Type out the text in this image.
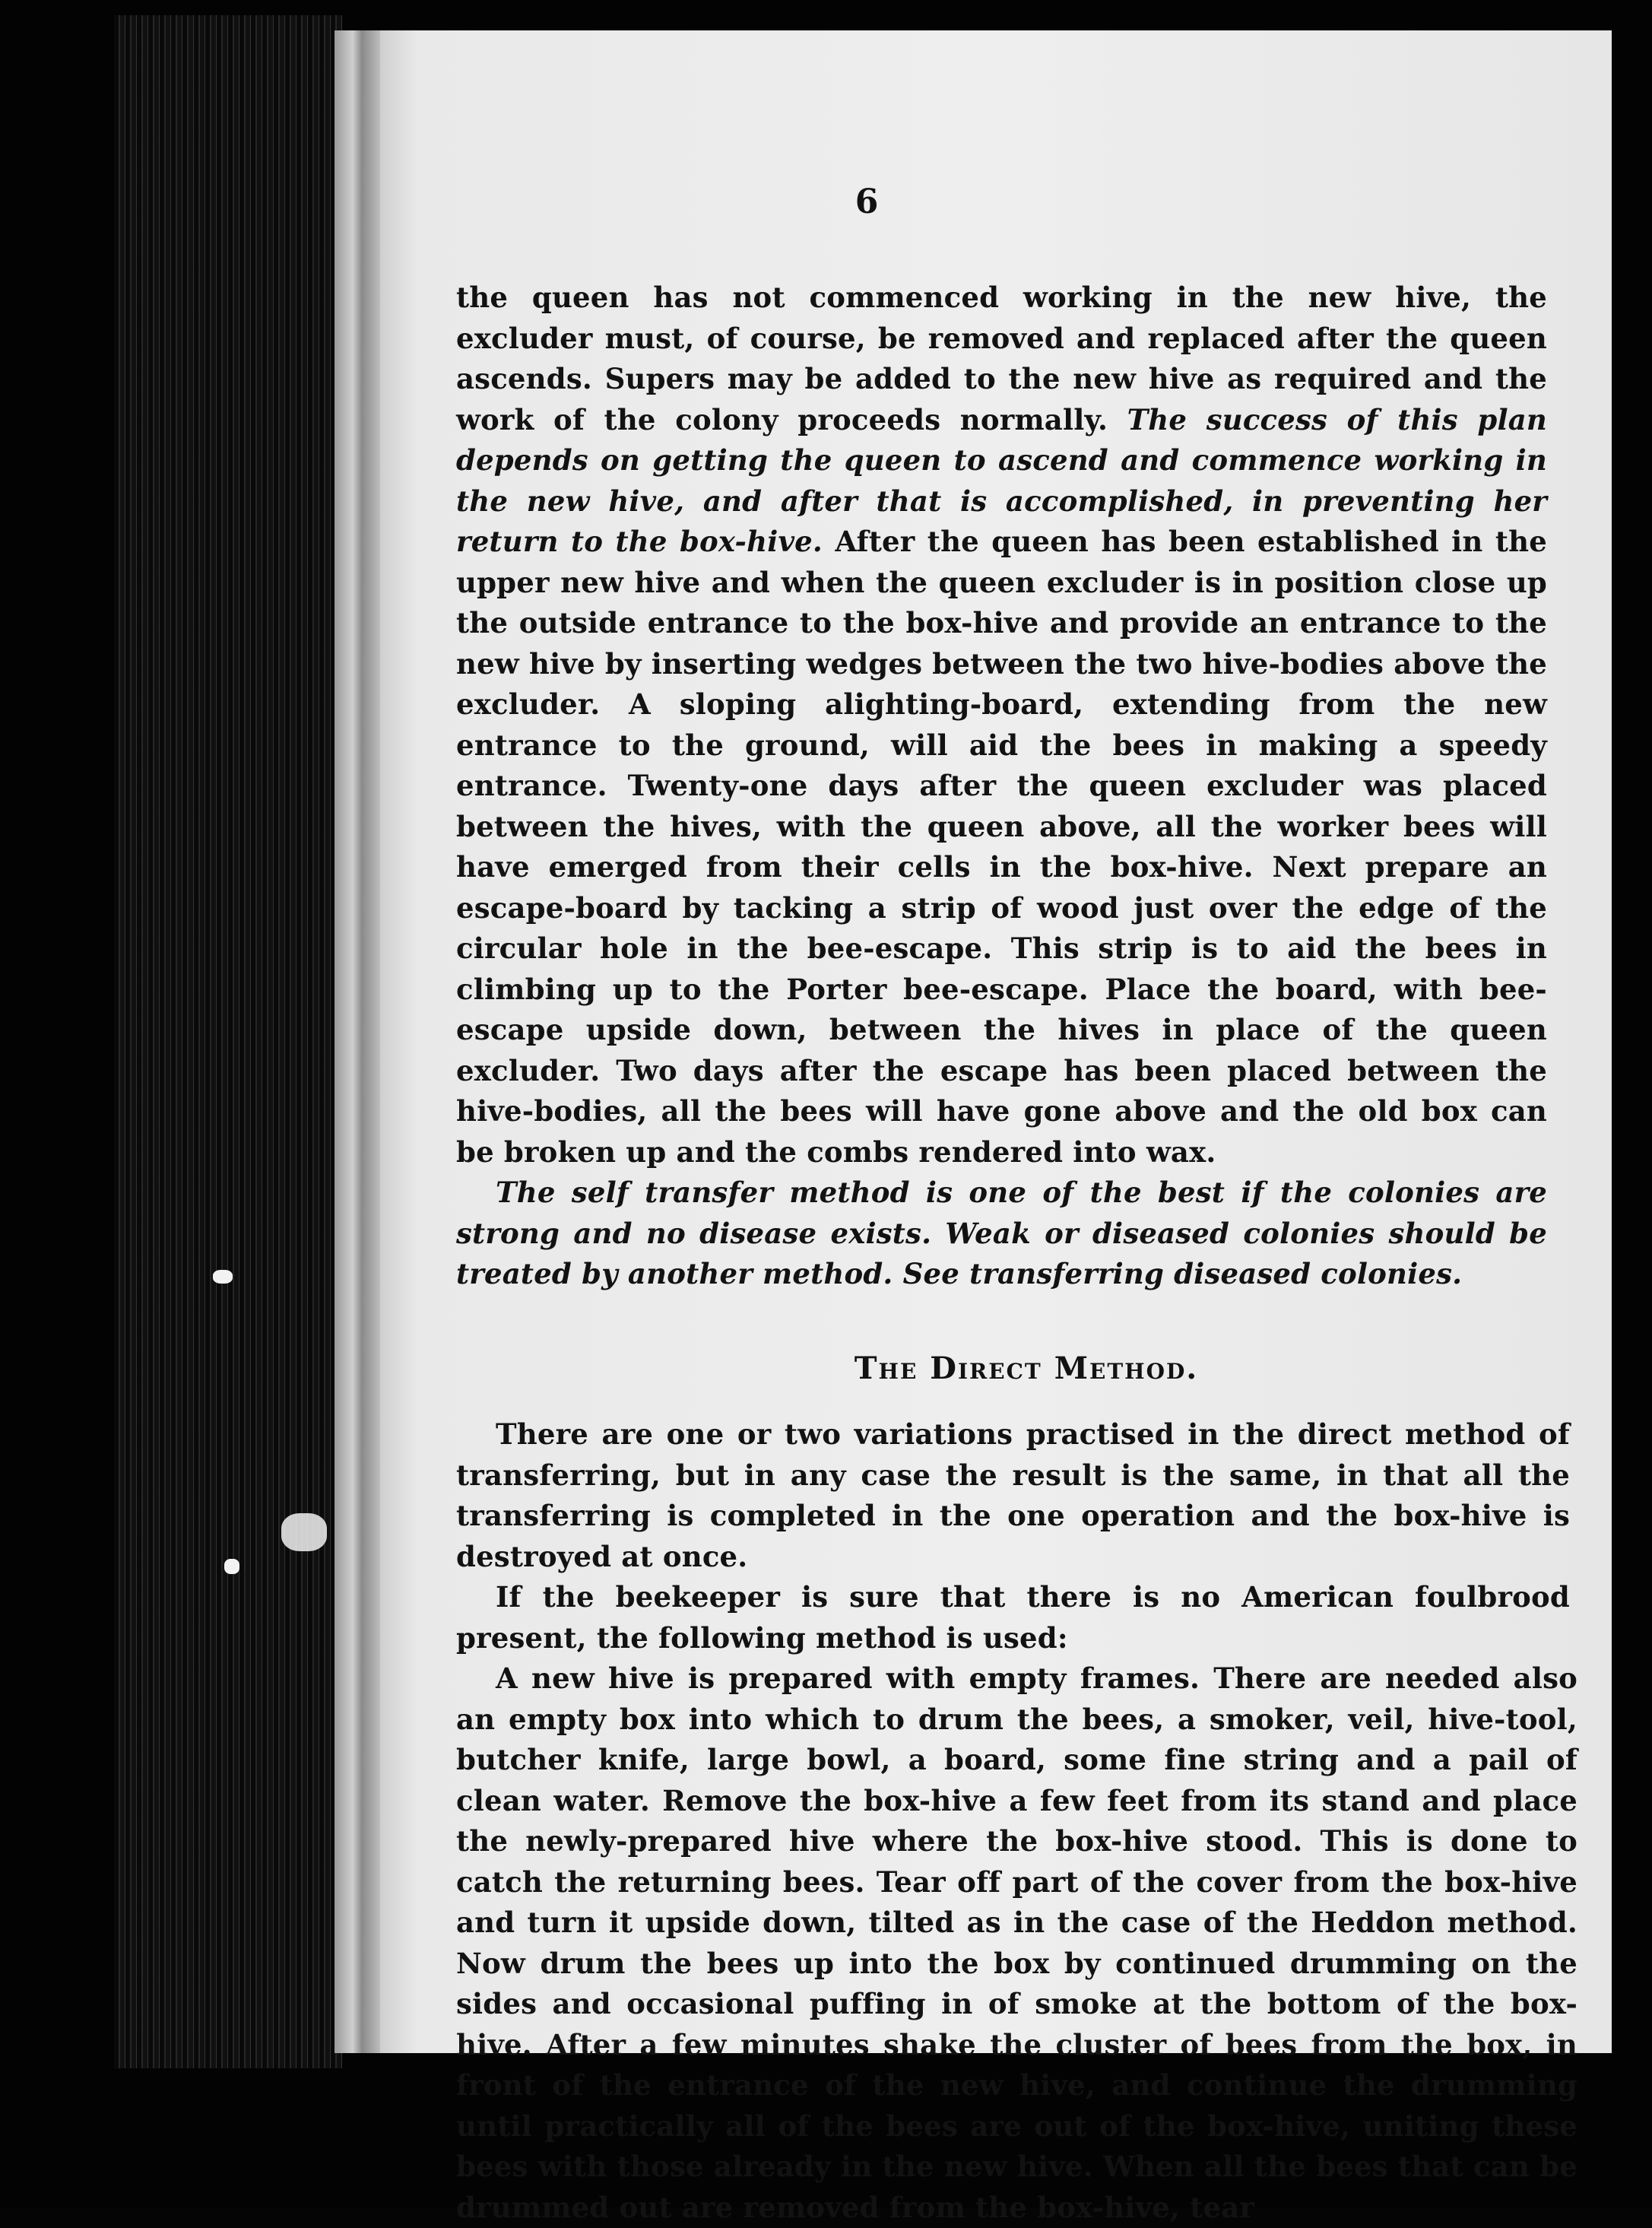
6

the queen has not commenced working in the new hive, the excluder must, of course, be removed and replaced after the queen ascends. Supers may be added to the new hive as required and the work of the colony proceeds normally. The success of this plan depends on getting the queen to ascend and commence working in the new hive, and after that is accomplished, in preventing her return to the box-hive. After the queen has been established in the upper new hive and when the queen excluder is in position close up the outside entrance to the box-hive and provide an entrance to the new hive by inserting wedges between the two hive-bodies above the excluder. A sloping alighting-board, extending from the new entrance to the ground, will aid the bees in making a speedy entrance. Twenty-one days after the queen excluder was placed between the hives, with the queen above, all the worker bees will have emerged from their cells in the box-hive. Next prepare an escape-board by tacking a strip of wood just over the edge of the circular hole in the bee-escape. This strip is to aid the bees in climbing up to the Porter bee-escape. Place the board, with bee-escape upside down, between the hives in place of the queen excluder. Two days after the escape has been placed between the hive-bodies, all the bees will have gone above and the old box can be broken up and the combs rendered into wax.

The self transfer method is one of the best if the colonies are strong and no disease exists. Weak or diseased colonies should be treated by another method. See transferring diseased colonies.

The Direct Method.

There are one or two variations practised in the direct method of transferring, but in any case the result is the same, in that all the transferring is completed in the one operation and the box-hive is destroyed at once.

If the beekeeper is sure that there is no American foulbrood present, the following method is used:

A new hive is prepared with empty frames. There are needed also an empty box into which to drum the bees, a smoker, veil, hive-tool, butcher knife, large bowl, a board, some fine string and a pail of clean water. Remove the box-hive a few feet from its stand and place the newly-prepared hive where the box-hive stood. This is done to catch the returning bees. Tear off part of the cover from the box-hive and turn it upside down, tilted as in the case of the Heddon method. Now drum the bees up into the box by continued drumming on the sides and occasional puffing in of smoke at the bottom of the box-hive. After a few minutes shake the cluster of bees from the box, in front of the entrance of the new hive, and continue the drumming until practically all of the bees are out of the box-hive, uniting these bees with those already in the new hive. When all the bees that can be drummed out are removed from the box-hive, tear
